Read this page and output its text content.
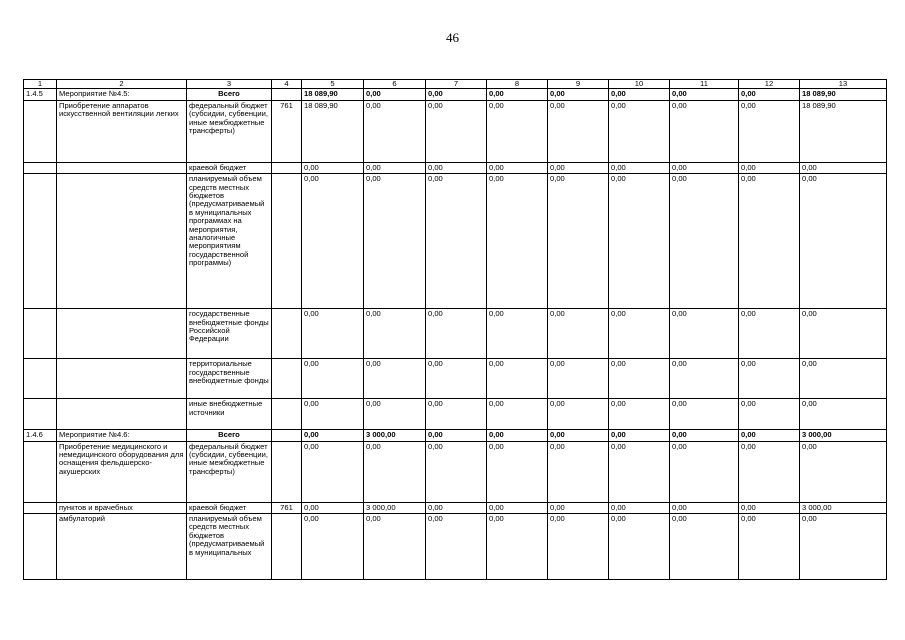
46
1	2	3	4	5	6	7	8	9	10	11	12	13
1.4.5	Мероприятие №4.5:	Всего		18 089,90	0,00	0,00	0,00	0,00	0,00	0,00	0,00	18 089,90
	Приобретение аппаратов искусственной вентиляции легких	федеральный бюджет (субсидии, субвенции, иные межбюджетные трансферты)	761	18 089,90	0,00	0,00	0,00	0,00	0,00	0,00	0,00	18 089,90
		краевой бюджет		0,00	0,00	0,00	0,00	0,00	0,00	0,00	0,00	0,00
		планируемый объем средств местных бюджетов (предусматриваемый в муниципальных программах на мероприятия, аналогичные мероприятиям государственной программы)		0,00	0,00	0,00	0,00	0,00	0,00	0,00	0,00	0,00
		государственные внебюджетные фонды Российской Федерации		0,00	0,00	0,00	0,00	0,00	0,00	0,00	0,00	0,00
		территориальные государственные внебюджетные фонды		0,00	0,00	0,00	0,00	0,00	0,00	0,00	0,00	0,00
		иные внебюджетные источники		0,00	0,00	0,00	0,00	0,00	0,00	0,00	0,00	0,00
1.4.6	Мероприятие №4.6:	Всего		0,00	3 000,00	0,00	0,00	0,00	0,00	0,00	0,00	3 000,00
	Приобретение медицинского и немедицинского оборудования для оснащения фельдшерско-акушерских	федеральный бюджет (субсидии, субвенции, иные межбюджетные трансферты)		0,00	0,00	0,00	0,00	0,00	0,00	0,00	0,00	0,00
	пунктов и врачебных	краевой бюджет	761	0,00	3 000,00	0,00	0,00	0,00	0,00	0,00	0,00	3 000,00
	амбулаторий	планируемый объем средств местных бюджетов (предусматриваемый в муниципальных		0,00	0,00	0,00	0,00	0,00	0,00	0,00	0,00	0,00
